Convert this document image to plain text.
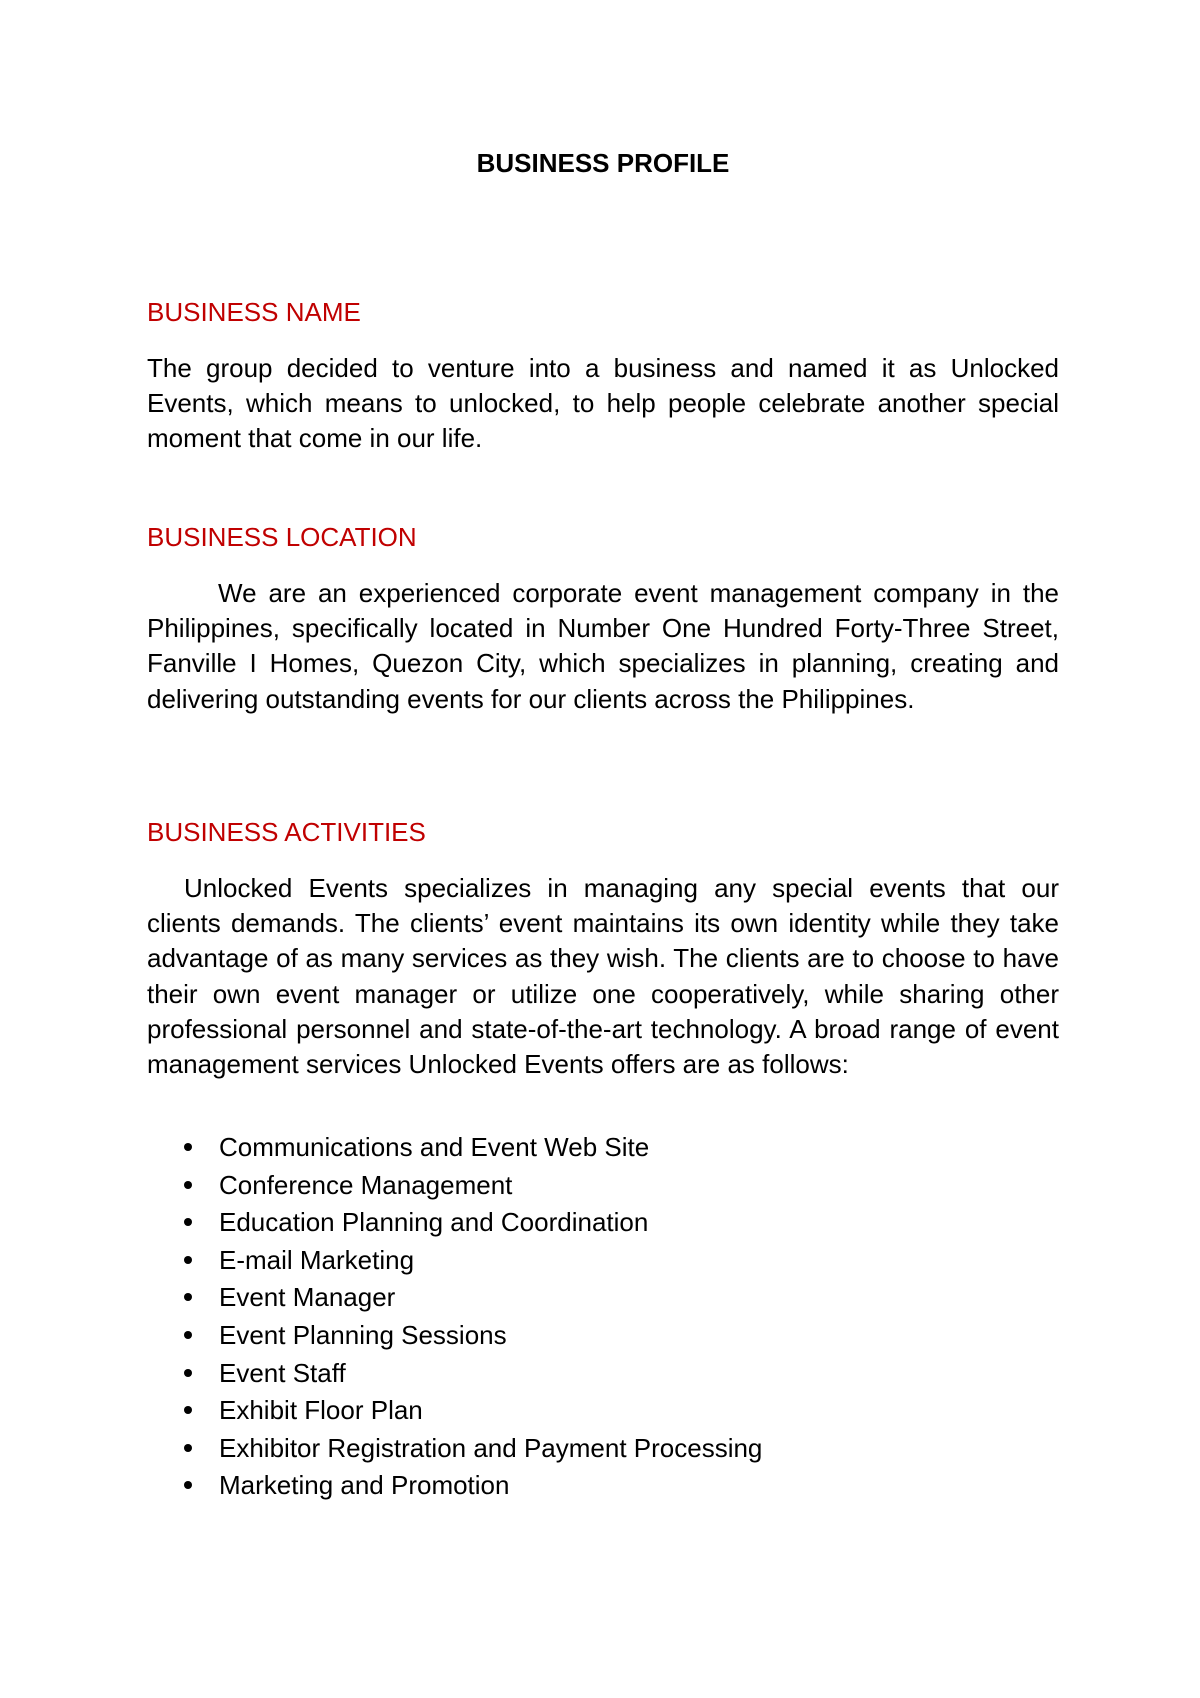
BUSINESS PROFILE
BUSINESS NAME

The group decided to venture into a business and named it as Unlocked Events, which means to unlocked, to help people celebrate another special moment that come in our life.

BUSINESS LOCATION

We are an experienced corporate event management company in the Philippines, specifically located in Number One Hundred Forty-Three Street, Fanville I Homes, Quezon City, which specializes in planning, creating and delivering outstanding events for our clients across the Philippines.

BUSINESS ACTIVITIES

Unlocked Events specializes in managing any special events that our clients demands. The clients’ event maintains its own identity while they take advantage of as many services as they wish. The clients are to choose to have their own event manager or utilize one cooperatively, while sharing other professional personnel and state-of-the-art technology. A broad range of event management services Unlocked Events offers are as follows:

Communications and Event Web Site
Conference Management
Education Planning and Coordination
E-mail Marketing
Event Manager
Event Planning Sessions
Event Staff
Exhibit Floor Plan
Exhibitor Registration and Payment Processing
Marketing and Promotion
